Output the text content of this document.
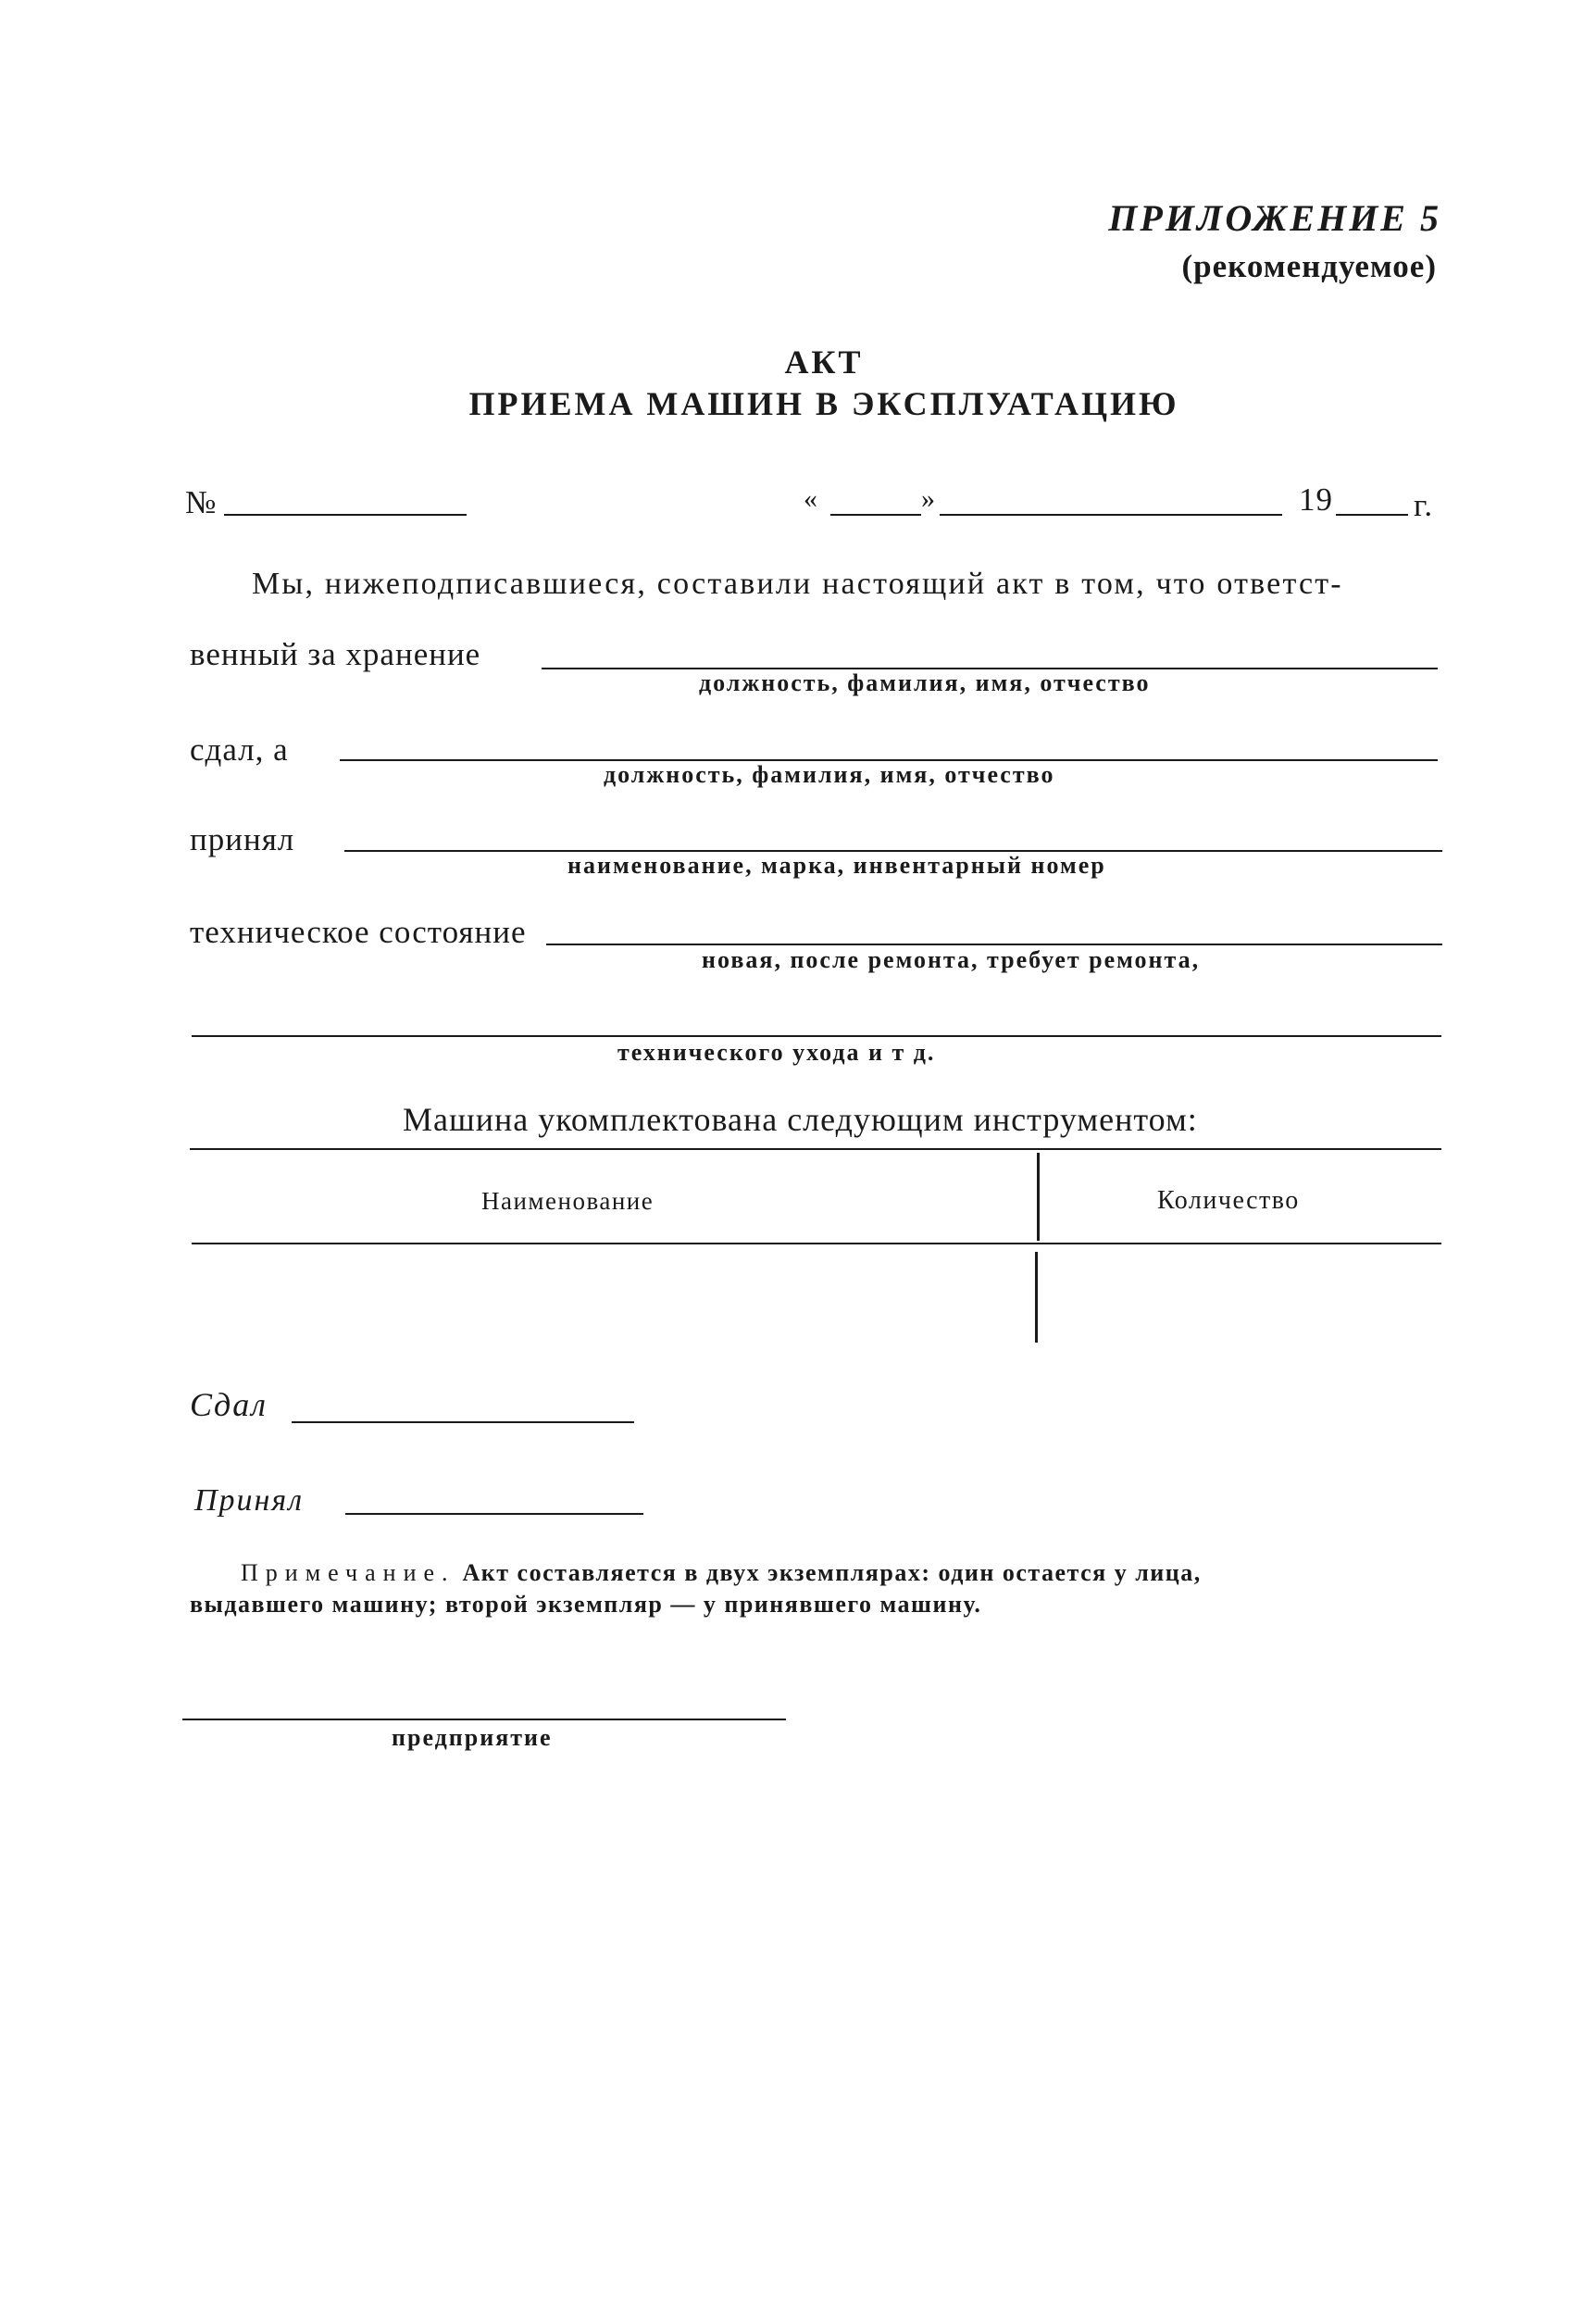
ПРИЛОЖЕНИЕ 5
(рекомендуемое)
АКТ
ПРИЕМА МАШИН В ЭКСПЛУАТАЦИЮ
№	«	»	19 г.
Мы, нижеподписавшиеся, составили настоящий акт в том, что ответст-
венный за хранение
должность, фамилия, имя, отчество
сдал, а
должность, фамилия, имя, отчество
принял
наименование, марка, инвентарный номер
техническое состояние
новая, после ремонта, требует ремонта,
технического ухода и т д.
Машина укомплектована следующим инструментом:
Наименование	Количество
Сдал
Принял
Примечание. Акт составляется в двух экземплярах: один остается у лица,
выдавшего машину; второй экземпляр — у принявшего машину.
предприятие
